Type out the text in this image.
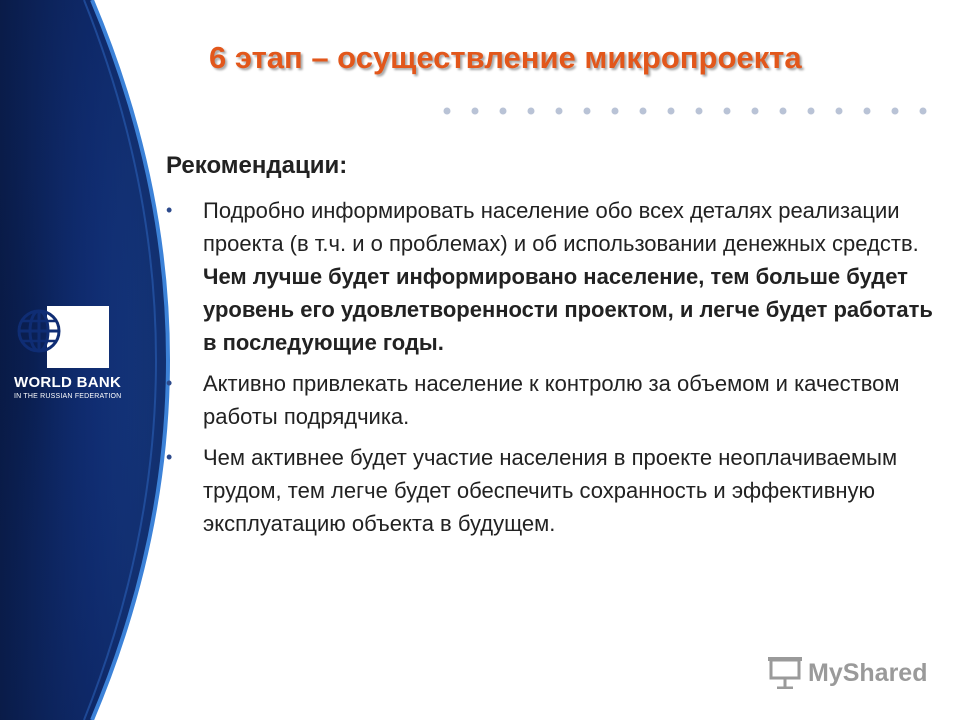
WORLD BANK
IN THE RUSSIAN FEDERATION
6 этап – осуществление микропроекта

Рекомендации:

• Подробно информировать население обо всех деталях реализации проекта (в т.ч. и о проблемах) и об использовании денежных средств. Чем лучше будет информировано население, тем больше будет уровень его удовлетворенности проектом, и легче будет работать в последующие годы.
• Активно привлекать население к контролю за объемом и качеством работы подрядчика.
• Чем активнее будет участие населения в проекте неоплачиваемым трудом, тем легче будет обеспечить сохранность и эффективную эксплуатацию объекта в будущем.
MyShared
